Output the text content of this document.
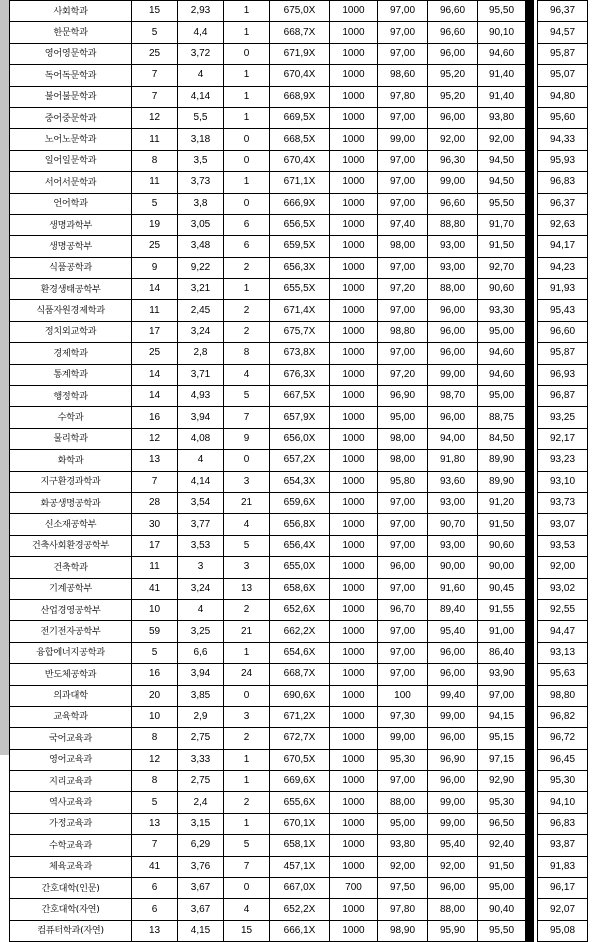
사회학과	15	2,93	1	675,0X	1000	97,00	96,60	95,50			96,37	
한문학과	5	4,4	1	668,7X	1000	97,00	96,60	90,10			94,57	
영어영문학과	25	3,72	0	671,9X	1000	97,00	96,00	94,60			95,87	
독어독문학과	7	4	1	670,4X	1000	98,60	95,20	91,40			95,07	
불어불문학과	7	4,14	1	668,9X	1000	97,80	95,20	91,40			94,80	
중어중문학과	12	5,5	1	669,5X	1000	97,00	96,00	93,80			95,60	
노어노문학과	11	3,18	0	668,5X	1000	99,00	92,00	92,00			94,33	
일어일문학과	8	3,5	0	670,4X	1000	97,00	96,30	94,50			95,93	
서어서문학과	11	3,73	1	671,1X	1000	97,00	99,00	94,50			96,83	
언어학과	5	3,8	0	666,9X	1000	97,00	96,60	95,50			96,37	
생명과학부	19	3,05	6	656,5X	1000	97,40	88,80	91,70			92,63	
생명공학부	25	3,48	6	659,5X	1000	98,00	93,00	91,50			94,17	
식품공학과	9	9,22	2	656,3X	1000	97,00	93,00	92,70			94,23	
환경생태공학부	14	3,21	1	655,5X	1000	97,20	88,00	90,60			91,93	
식품자원경제학과	11	2,45	2	671,4X	1000	97,00	96,00	93,30			95,43	
정치외교학과	17	3,24	2	675,7X	1000	98,80	96,00	95,00			96,60	
경제학과	25	2,8	8	673,8X	1000	97,00	96,00	94,60			95,87	
통계학과	14	3,71	4	676,3X	1000	97,20	99,00	94,60			96,93	
행정학과	14	4,93	5	667,5X	1000	96,90	98,70	95,00			96,87	
수학과	16	3,94	7	657,9X	1000	95,00	96,00	88,75			93,25	
물리학과	12	4,08	9	656,0X	1000	98,00	94,00	84,50			92,17	
화학과	13	4	0	657,2X	1000	98,00	91,80	89,90			93,23	
지구환경과학과	7	4,14	3	654,3X	1000	95,80	93,60	89,90			93,10	
화공생명공학과	28	3,54	21	659,6X	1000	97,00	93,00	91,20			93,73	
신소재공학부	30	3,77	4	656,8X	1000	97,00	90,70	91,50			93,07	
건축사회환경공학부	17	3,53	5	656,4X	1000	97,00	93,00	90,60			93,53	
건축학과	11	3	3	655,0X	1000	96,00	90,00	90,00			92,00	
기계공학부	41	3,24	13	658,6X	1000	97,00	91,60	90,45			93,02	
산업경영공학부	10	4	2	652,6X	1000	96,70	89,40	91,55			92,55	
전기전자공학부	59	3,25	21	662,2X	1000	97,00	95,40	91,00			94,47	
융합에너지공학과	5	6,6	1	654,6X	1000	97,00	96,00	86,40			93,13	
반도체공학과	16	3,94	24	668,7X	1000	97,00	96,00	93,90			95,63	
의과대학	20	3,85	0	690,6X	1000	100	99,40	97,00			98,80	
교육학과	10	2,9	3	671,2X	1000	97,30	99,00	94,15			96,82	
국어교육과	8	2,75	2	672,7X	1000	99,00	96,00	95,15			96,72	
영어교육과	12	3,33	1	670,5X	1000	95,30	96,90	97,15			96,45	
지리교육과	8	2,75	1	669,6X	1000	97,00	96,00	92,90			95,30	
역사교육과	5	2,4	2	655,6X	1000	88,00	99,00	95,30			94,10	
가정교육과	13	3,15	1	670,1X	1000	95,00	99,00	96,50			96,83	
수학교육과	7	6,29	5	658,1X	1000	93,80	95,40	92,40			93,87	
체육교육과	41	3,76	7	457,1X	1000	92,00	92,00	91,50			91,83	
간호대학(인문)	6	3,67	0	667,0X	700	97,50	96,00	95,00			96,17	
간호대학(자연)	6	3,67	4	652,2X	1000	97,80	88,00	90,40			92,07	
컴퓨터학과(자연)	13	4,15	15	666,1X	1000	98,90	95,90	95,50			95,08	
